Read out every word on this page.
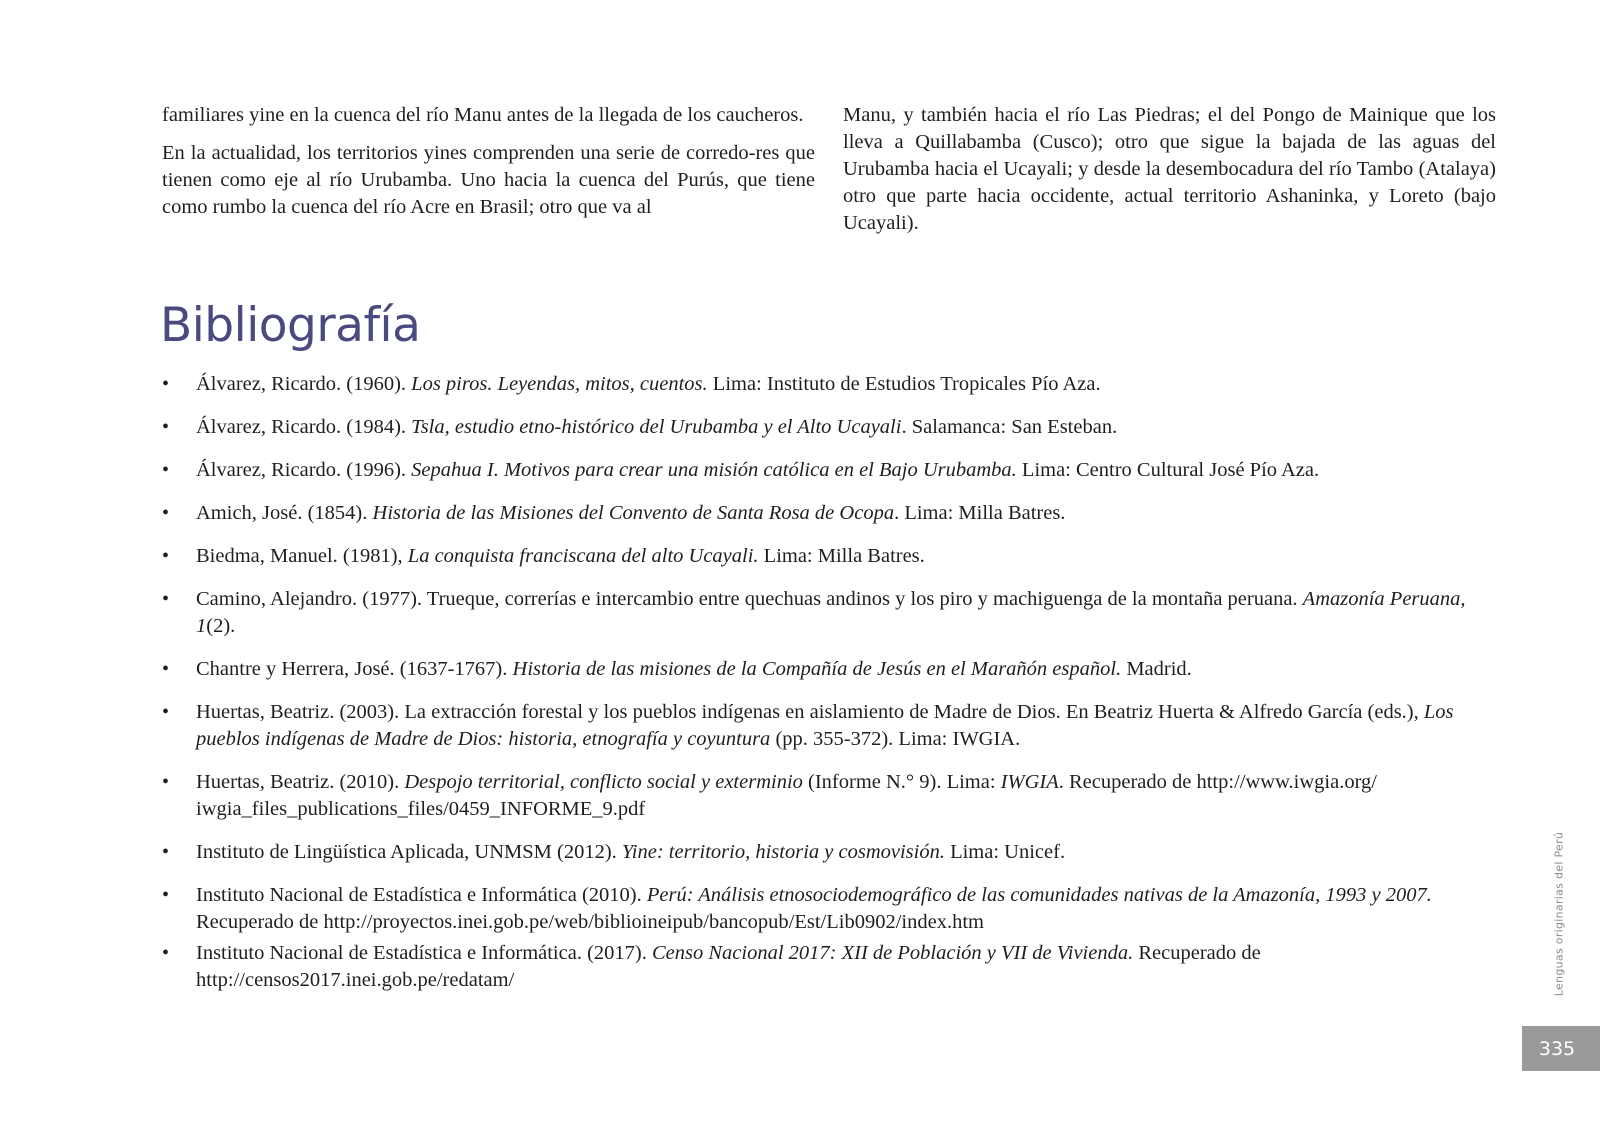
familiares yine en la cuenca del río Manu antes de la llegada de los caucheros.

En la actualidad, los territorios yines comprenden una serie de corredo-res que tienen como eje al río Urubamba. Uno hacia la cuenca del Purús, que tiene como rumbo la cuenca del río Acre en Brasil; otro que va al

Manu, y también hacia el río Las Piedras; el del Pongo de Mainique que los lleva a Quillabamba (Cusco); otro que sigue la bajada de las aguas del Urubamba hacia el Ucayali; y desde la desembocadura del río Tambo (Atalaya) otro que parte hacia occidente, actual territorio Ashaninka, y Loreto (bajo Ucayali).

Bibliografía
• Álvarez, Ricardo. (1960). Los piros. Leyendas, mitos, cuentos. Lima: Instituto de Estudios Tropicales Pío Aza.
• Álvarez, Ricardo. (1984). Tsla, estudio etno-histórico del Urubamba y el Alto Ucayali. Salamanca: San Esteban.
• Álvarez, Ricardo. (1996). Sepahua I. Motivos para crear una misión católica en el Bajo Urubamba. Lima: Centro Cultural José Pío Aza.
• Amich, José. (1854). Historia de las Misiones del Convento de Santa Rosa de Ocopa. Lima: Milla Batres.
• Biedma, Manuel. (1981), La conquista franciscana del alto Ucayali. Lima: Milla Batres.
• Camino, Alejandro. (1977). Trueque, correrías e intercambio entre quechuas andinos y los piro y machiguenga de la montaña peruana. Amazonía Peruana, 1(2).
• Chantre y Herrera, José. (1637-1767). Historia de las misiones de la Compañía de Jesús en el Marañón español. Madrid.
• Huertas, Beatriz. (2003). La extracción forestal y los pueblos indígenas en aislamiento de Madre de Dios. En Beatriz Huerta & Alfredo García (eds.), Los pueblos indígenas de Madre de Dios: historia, etnografía y coyuntura (pp. 355-372). Lima: IWGIA.
• Huertas, Beatriz. (2010). Despojo territorial, conflicto social y exterminio (Informe N.° 9). Lima: IWGIA. Recuperado de http://www.iwgia.org/ iwgia_files_publications_files/0459_INFORME_9.pdf
• Instituto de Lingüística Aplicada, UNMSM (2012). Yine: territorio, historia y cosmovisión. Lima: Unicef.
• Instituto Nacional de Estadística e Informática (2010). Perú: Análisis etnosociodemográfico de las comunidades nativas de la Amazonía, 1993 y 2007. Recuperado de http://proyectos.inei.gob.pe/web/biblioineipub/bancopub/Est/Lib0902/index.htm
• Instituto Nacional de Estadística e Informática. (2017). Censo Nacional 2017: XII de Población y VII de Vivienda. Recuperado de http://censos2017.inei.gob.pe/redatam/	Lenguas originarias del Perú
335
